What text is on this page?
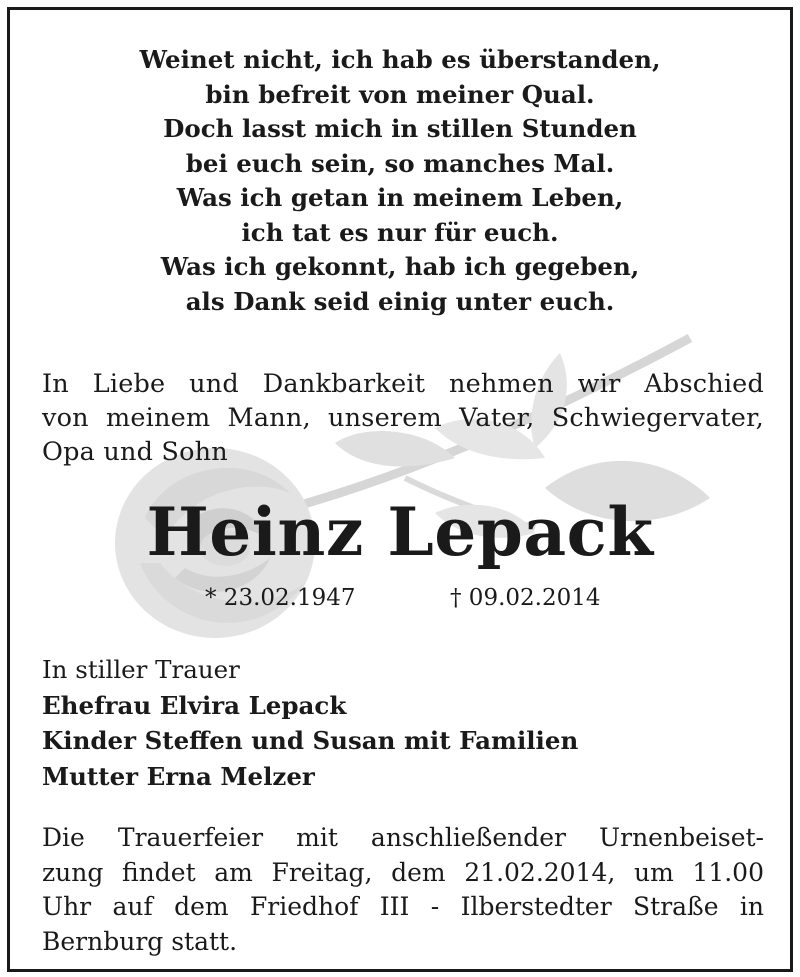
Weinet nicht, ich hab es überstanden,
bin befreit von meiner Qual.
Doch lasst mich in stillen Stunden
bei euch sein, so manches Mal.
Was ich getan in meinem Leben,
ich tat es nur für euch.
Was ich gekonnt, hab ich gegeben,
als Dank seid einig unter euch.
In Liebe und Dankbarkeit nehmen wir Abschied
von meinem Mann, unserem Vater, Schwiegervater,
Opa und Sohn
Heinz Lepack
* 23.02.1947	† 09.02.2014
In stiller Trauer
Ehefrau Elvira Lepack
Kinder Steffen und Susan mit Familien
Mutter Erna Melzer
Die Trauerfeier mit anschließender Urnenbeiset-
zung findet am Freitag, dem 21.02.2014, um 11.00
Uhr auf dem Friedhof III - Ilberstedter Straße in
Bernburg statt.
